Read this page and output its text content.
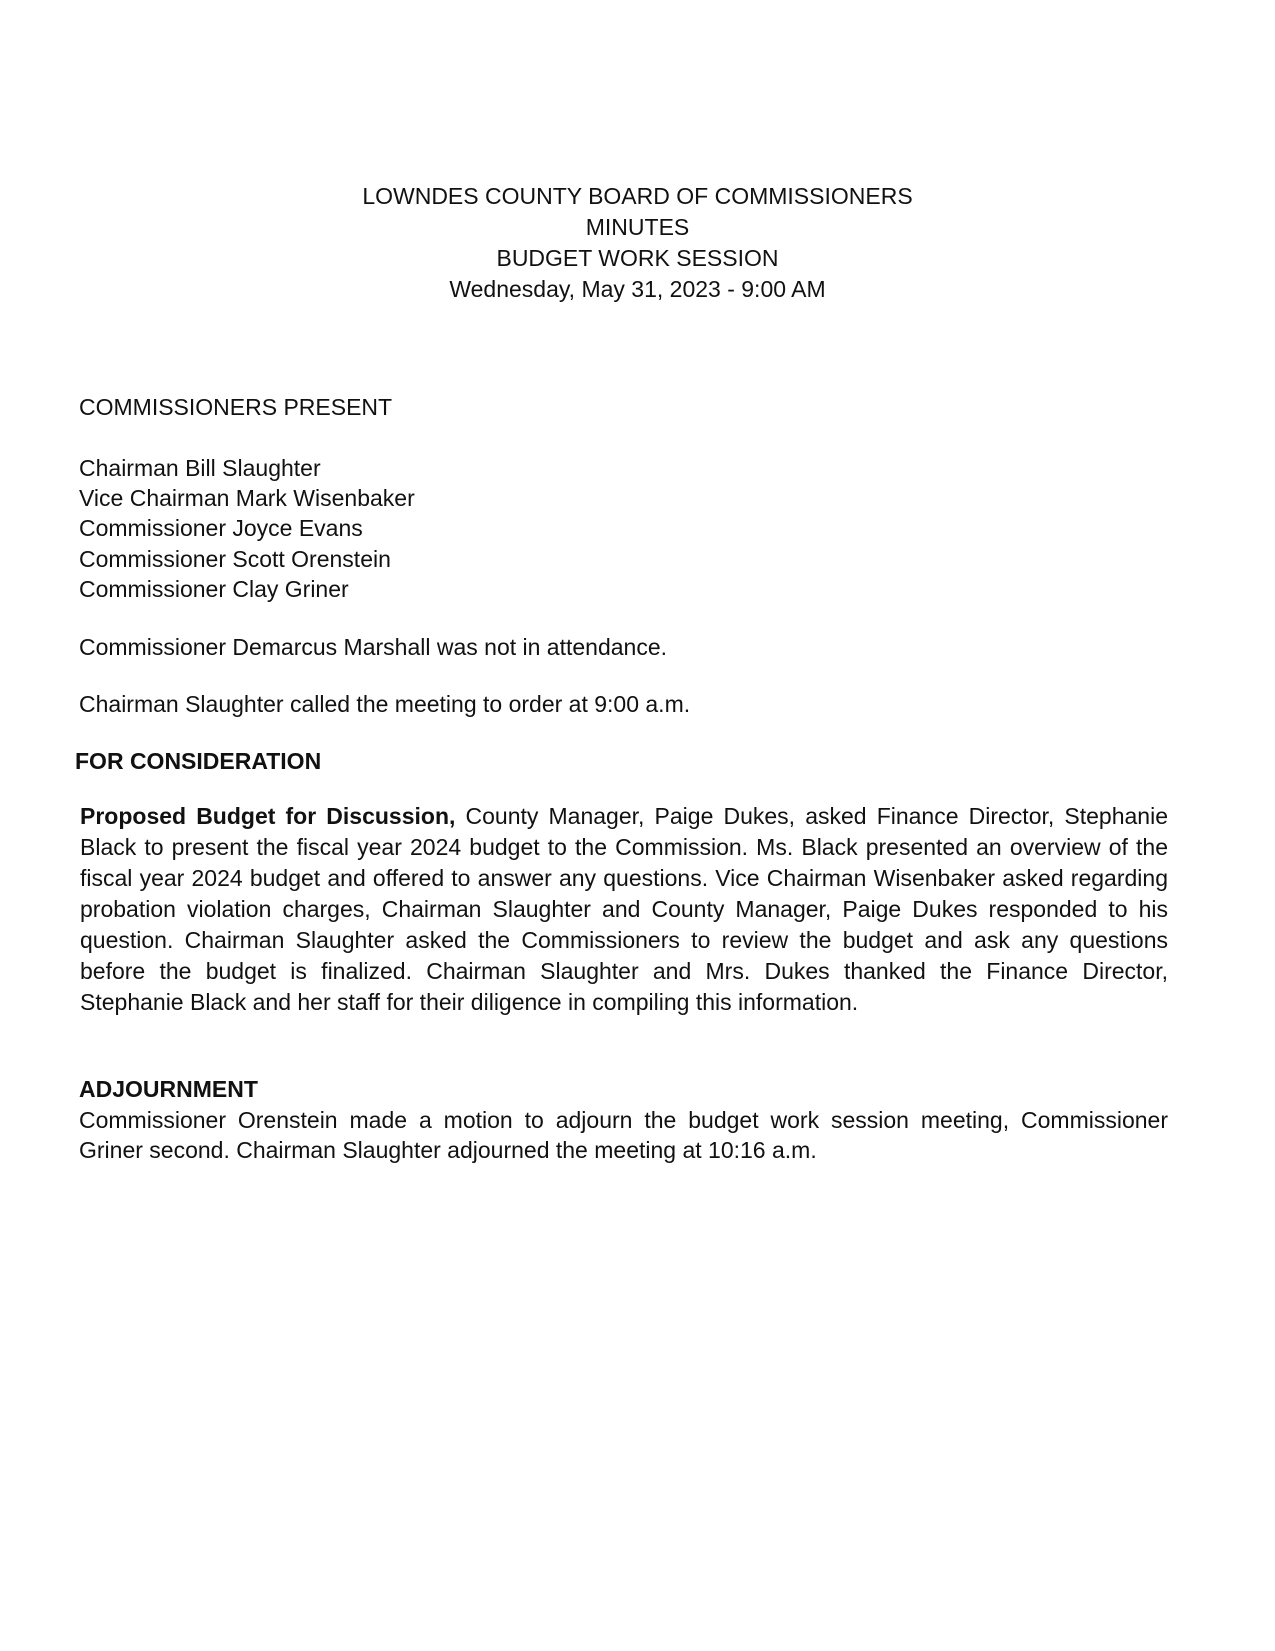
LOWNDES COUNTY BOARD OF COMMISSIONERS
MINUTES
BUDGET WORK SESSION
Wednesday, May 31, 2023 - 9:00 AM
COMMISSIONERS PRESENT
Chairman Bill Slaughter
Vice Chairman Mark Wisenbaker
Commissioner Joyce Evans
Commissioner Scott Orenstein
Commissioner Clay Griner
Commissioner Demarcus Marshall was not in attendance.
Chairman Slaughter called the meeting to order at 9:00 a.m.
FOR CONSIDERATION
Proposed Budget for Discussion, County Manager, Paige Dukes, asked Finance Director, Stephanie Black to present the fiscal year 2024 budget to the Commission. Ms. Black presented an overview of the fiscal year 2024 budget and offered to answer any questions. Vice Chairman Wisenbaker asked regarding probation violation charges, Chairman Slaughter and County Manager, Paige Dukes responded to his question. Chairman Slaughter asked the Commissioners to review the budget and ask any questions before the budget is finalized. Chairman Slaughter and Mrs. Dukes thanked the Finance Director, Stephanie Black and her staff for their diligence in compiling this information.
ADJOURNMENT
Commissioner Orenstein made a motion to adjourn the budget work session meeting, Commissioner Griner second. Chairman Slaughter adjourned the meeting at 10:16 a.m.
